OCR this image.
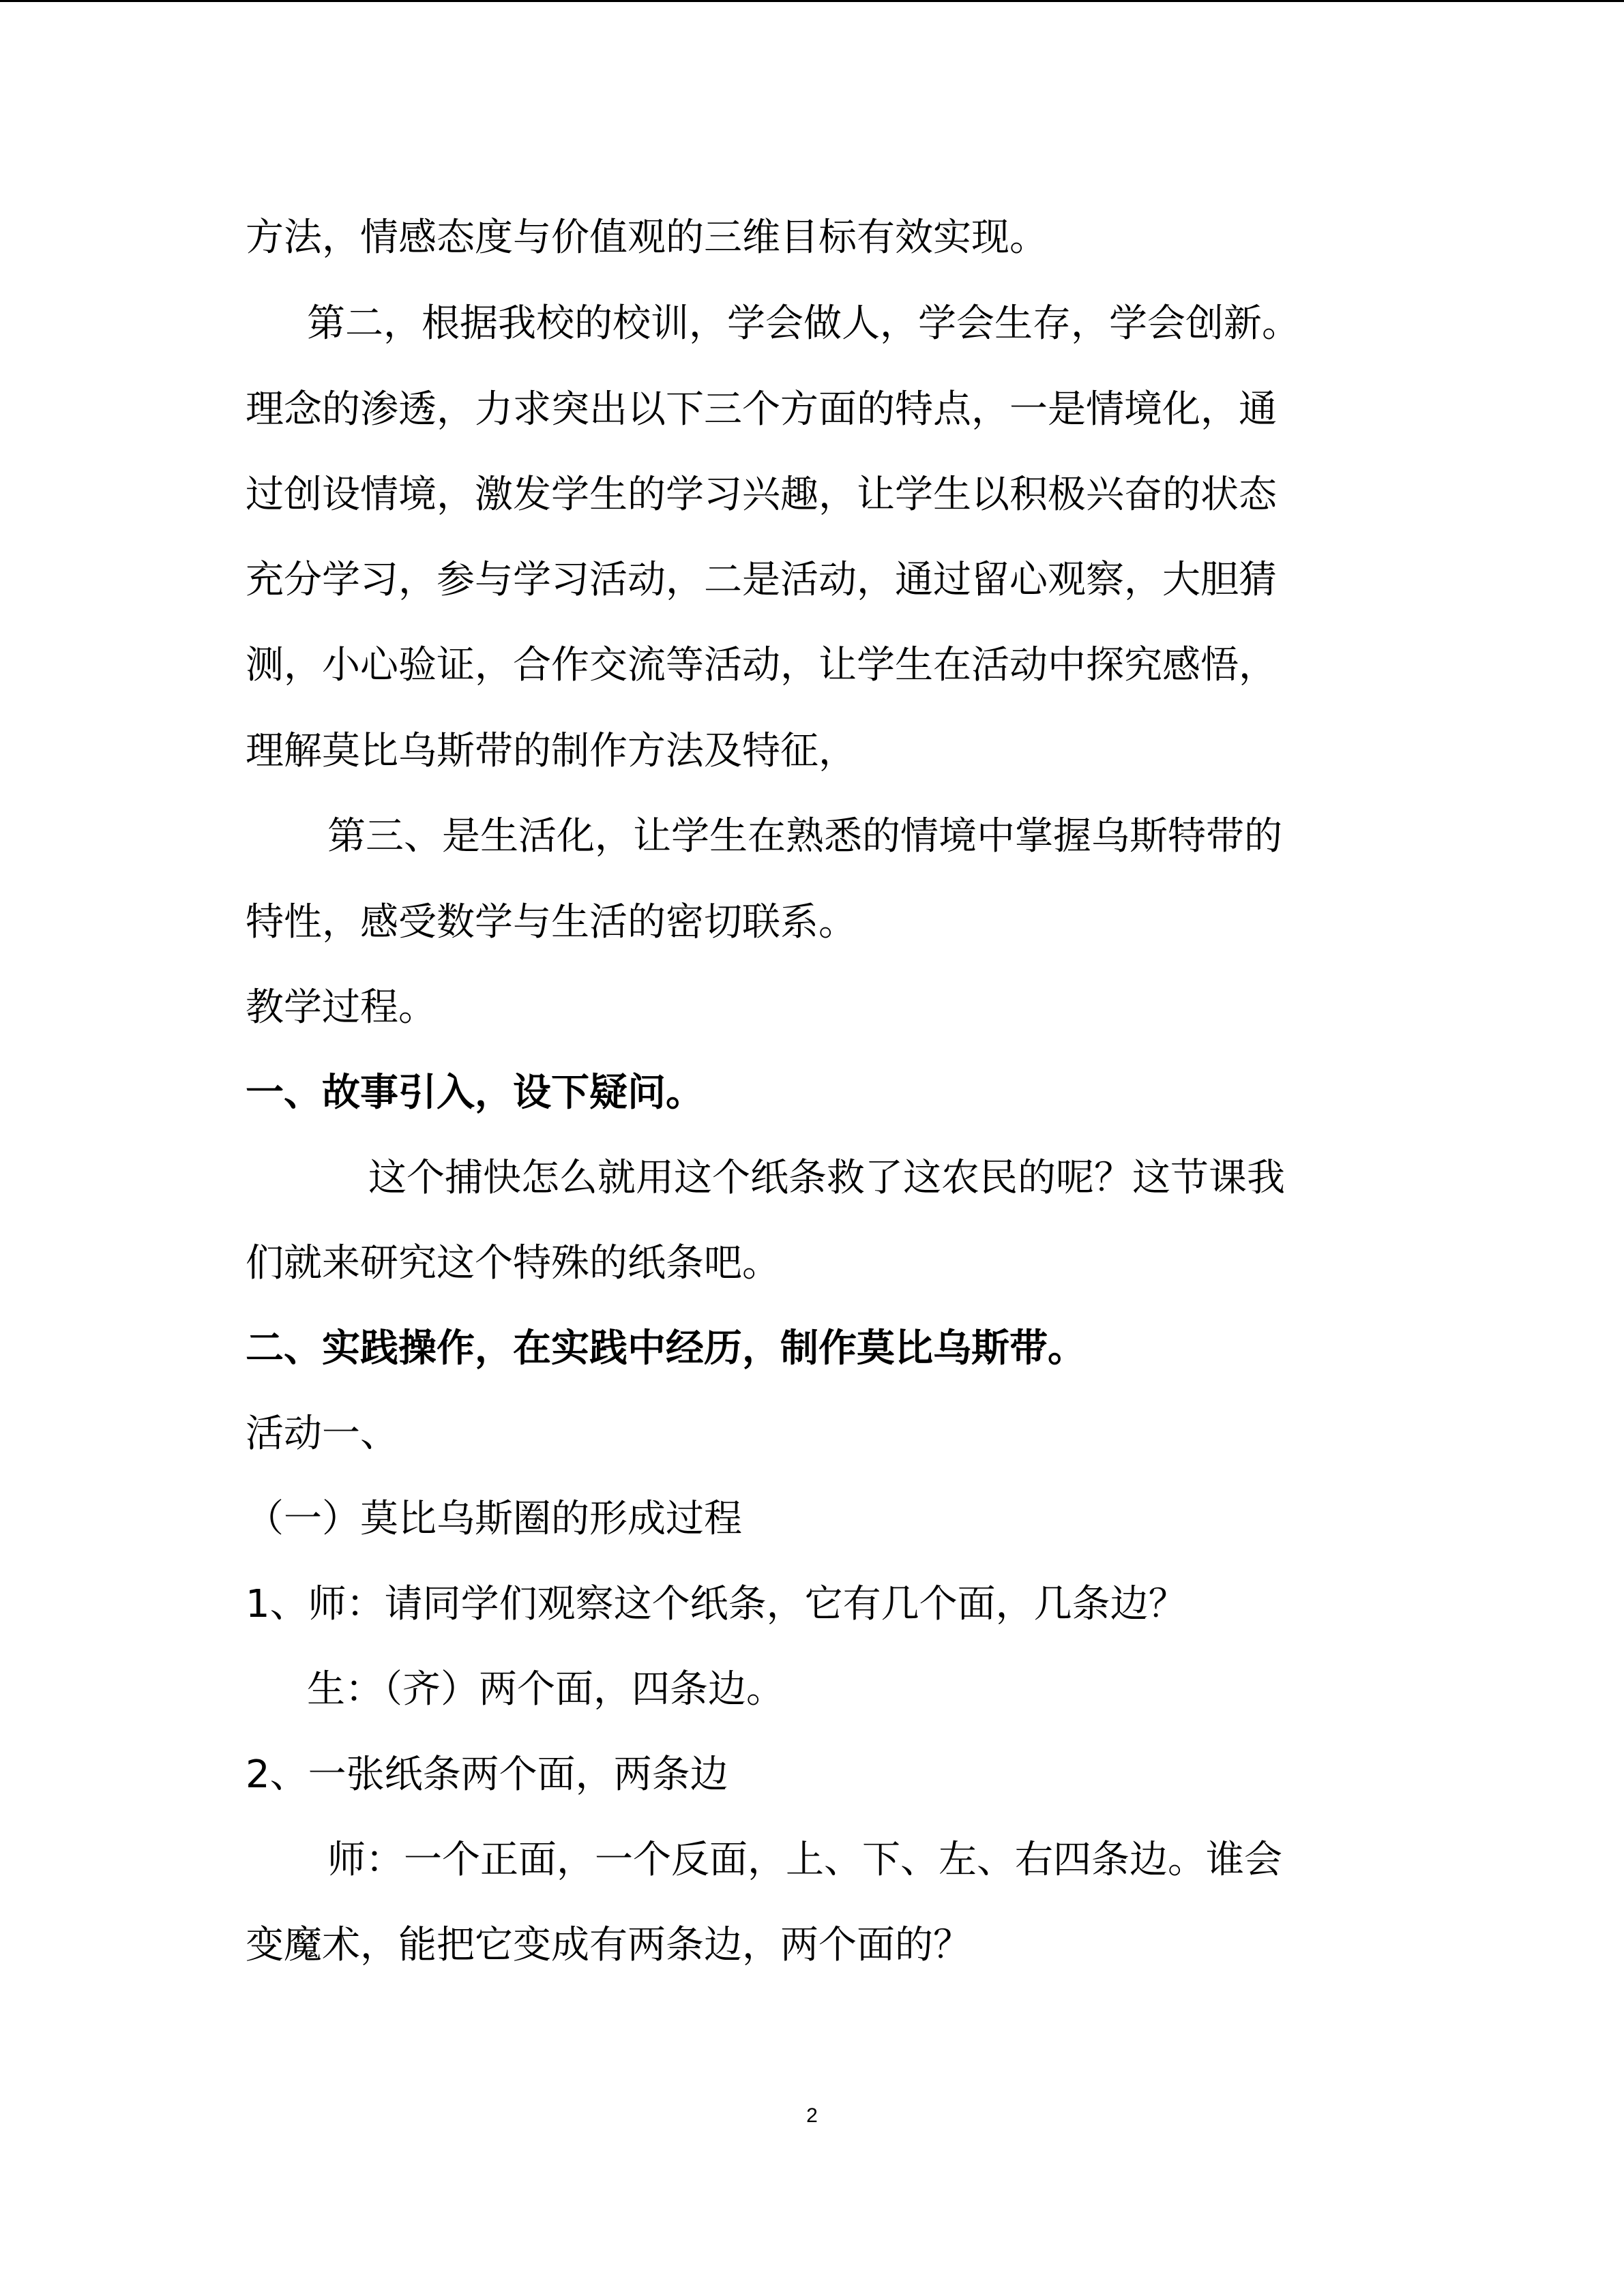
方法，情感态度与价值观的三维目标有效实现。
第二，根据我校的校训，学会做人，学会生存，学会创新。
理念的渗透，力求突出以下三个方面的特点，一是情境化，通
过创设情境，激发学生的学习兴趣，让学生以积极兴奋的状态
充分学习，参与学习活动，二是活动，通过留心观察，大胆猜
测，小心验证，合作交流等活动，让学生在活动中探究感悟，
理解莫比乌斯带的制作方法及特征，
第三、是生活化，让学生在熟悉的情境中掌握乌斯特带的
特性，感受数学与生活的密切联系。
教学过程。
一、故事引入，设下疑问。
这个捕快怎么就用这个纸条救了这农民的呢？这节课我
们就来研究这个特殊的纸条吧。
二、实践操作，在实践中经历，制作莫比乌斯带。
活动一、
（一）莫比乌斯圈的形成过程
1、师：请同学们观察这个纸条，它有几个面，几条边？
生：（齐）两个面，四条边。
2、一张纸条两个面，两条边
师：一个正面，一个反面，上、下、左、右四条边。谁会
变魔术，能把它变成有两条边，两个面的？
2
